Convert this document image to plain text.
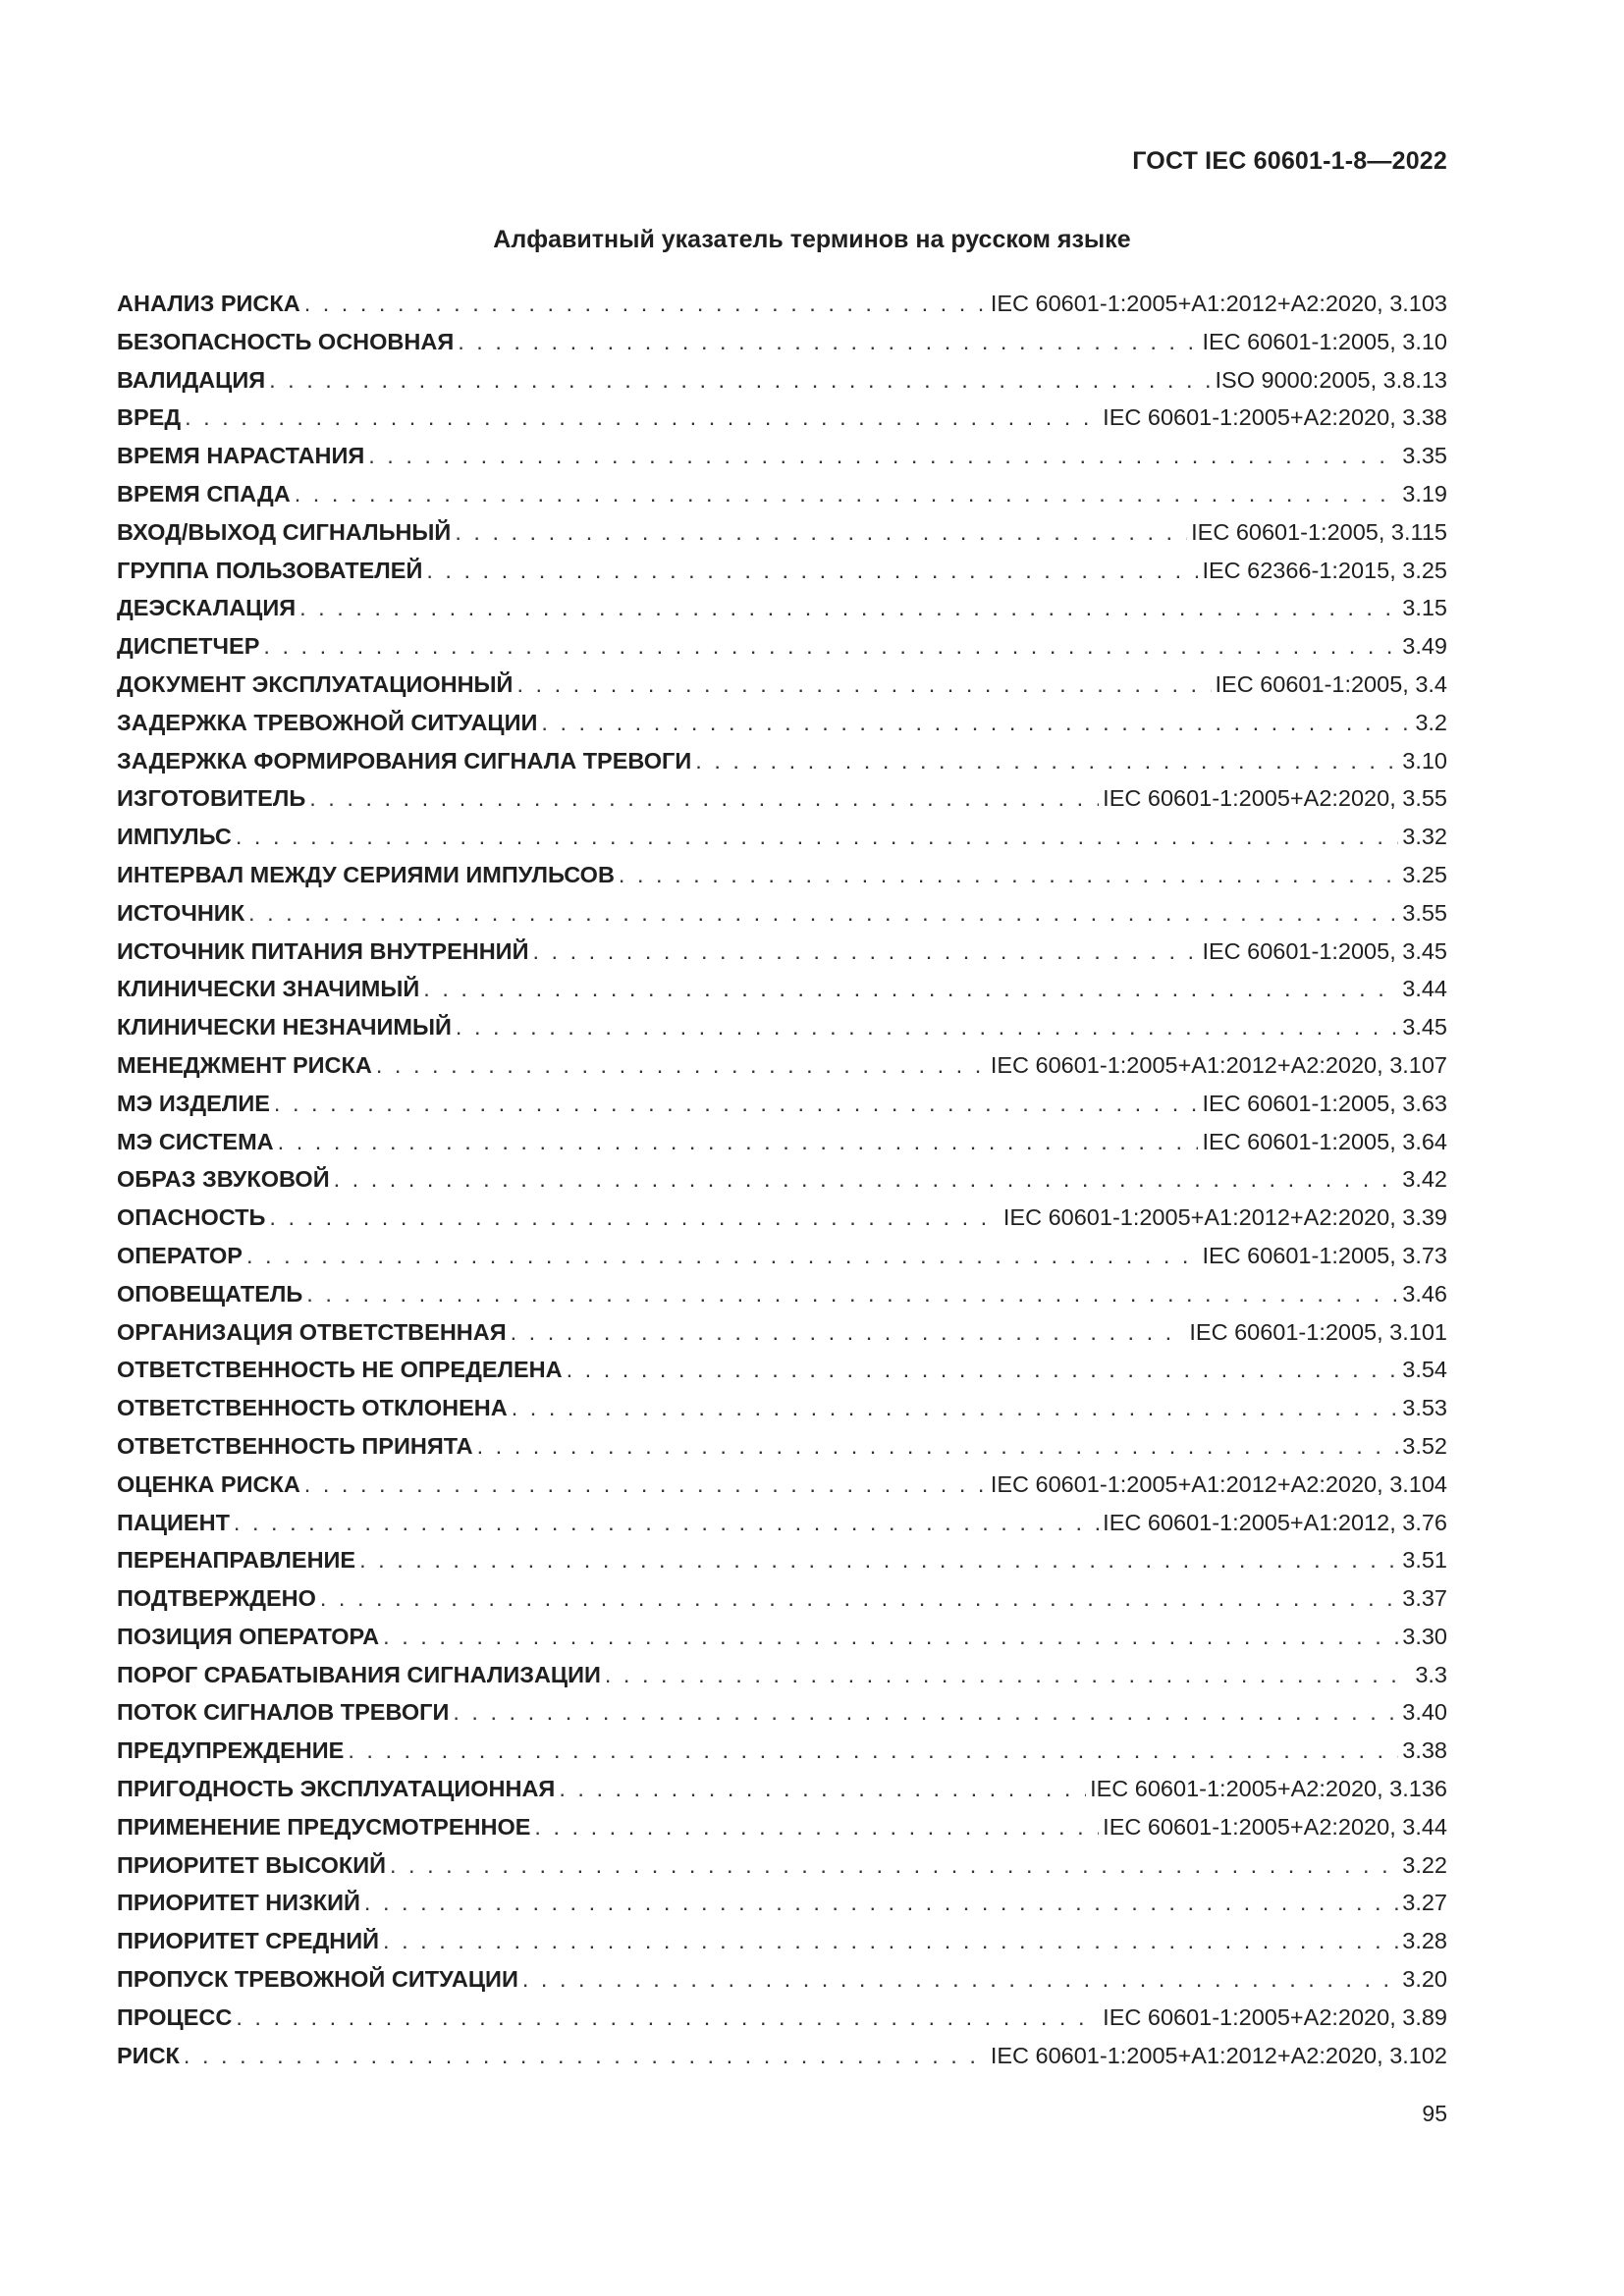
ГОСТ IEC 60601-1-8—2022
Алфавитный указатель терминов на русском языке
АНАЛИЗ РИСКА . . .	IEC 60601-1:2005+A1:2012+A2:2020, 3.103
БЕЗОПАСНОСТЬ ОСНОВНАЯ . . .	IEC 60601-1:2005, 3.10
ВАЛИДАЦИЯ . . .	ISO 9000:2005, 3.8.13
ВРЕД . . .	IEC 60601-1:2005+A2:2020, 3.38
ВРЕМЯ НАРАСТАНИЯ . . .	3.35
ВРЕМЯ СПАДА . . .	3.19
ВХОД/ВЫХОД СИГНАЛЬНЫЙ . . .	IEC 60601-1:2005, 3.115
ГРУППА ПОЛЬЗОВАТЕЛЕЙ . . .	IEC 62366-1:2015, 3.25
ДЕЭСКАЛАЦИЯ . . .	3.15
ДИСПЕТЧЕР . . .	3.49
ДОКУМЕНТ ЭКСПЛУАТАЦИОННЫЙ . . .	IEC 60601-1:2005, 3.4
ЗАДЕРЖКА ТРЕВОЖНОЙ СИТУАЦИИ . . .	3.2
ЗАДЕРЖКА ФОРМИРОВАНИЯ СИГНАЛА ТРЕВОГИ . . .	3.10
ИЗГОТОВИТЕЛЬ . . .	IEC 60601-1:2005+A2:2020, 3.55
ИМПУЛЬС . . .	3.32
ИНТЕРВАЛ МЕЖДУ СЕРИЯМИ ИМПУЛЬСОВ . . .	3.25
ИСТОЧНИК . . .	3.55
ИСТОЧНИК ПИТАНИЯ ВНУТРЕННИЙ . . .	IEC 60601-1:2005, 3.45
КЛИНИЧЕСКИ ЗНАЧИМЫЙ . . .	3.44
КЛИНИЧЕСКИ НЕЗНАЧИМЫЙ . . .	3.45
МЕНЕДЖМЕНТ РИСКА . . .	IEC 60601-1:2005+A1:2012+A2:2020, 3.107
МЭ ИЗДЕЛИЕ . . .	IEC 60601-1:2005, 3.63
МЭ СИСТЕМА . . .	IEC 60601-1:2005, 3.64
ОБРАЗ ЗВУКОВОЙ . . .	3.42
ОПАСНОСТЬ . . .	IEC 60601-1:2005+A1:2012+A2:2020, 3.39
ОПЕРАТОР . . .	IEC 60601-1:2005, 3.73
ОПОВЕЩАТЕЛЬ . . .	3.46
ОРГАНИЗАЦИЯ ОТВЕТСТВЕННАЯ . . .	IEC 60601-1:2005, 3.101
ОТВЕТСТВЕННОСТЬ НЕ ОПРЕДЕЛЕНА . . .	3.54
ОТВЕТСТВЕННОСТЬ ОТКЛОНЕНА . . .	3.53
ОТВЕТСТВЕННОСТЬ ПРИНЯТА . . .	3.52
ОЦЕНКА РИСКА . . .	IEC 60601-1:2005+A1:2012+A2:2020, 3.104
ПАЦИЕНТ . . .	IEC 60601-1:2005+A1:2012, 3.76
ПЕРЕНАПРАВЛЕНИЕ . . .	3.51
ПОДТВЕРЖДЕНО . . .	3.37
ПОЗИЦИЯ ОПЕРАТОРА . . .	3.30
ПОРОГ СРАБАТЫВАНИЯ СИГНАЛИЗАЦИИ . . .	3.3
ПОТОК СИГНАЛОВ ТРЕВОГИ . . .	3.40
ПРЕДУПРЕЖДЕНИЕ . . .	3.38
ПРИГОДНОСТЬ ЭКСПЛУАТАЦИОННАЯ . . .	IEC 60601-1:2005+A2:2020, 3.136
ПРИМЕНЕНИЕ ПРЕДУСМОТРЕННОЕ . . .	IEC 60601-1:2005+A2:2020, 3.44
ПРИОРИТЕТ ВЫСОКИЙ . . .	3.22
ПРИОРИТЕТ НИЗКИЙ . . .	3.27
ПРИОРИТЕТ СРЕДНИЙ . . .	3.28
ПРОПУСК ТРЕВОЖНОЙ СИТУАЦИИ . . .	3.20
ПРОЦЕСС . . .	IEC 60601-1:2005+A2:2020, 3.89
РИСК . . .	IEC 60601-1:2005+A1:2012+A2:2020, 3.102
95
